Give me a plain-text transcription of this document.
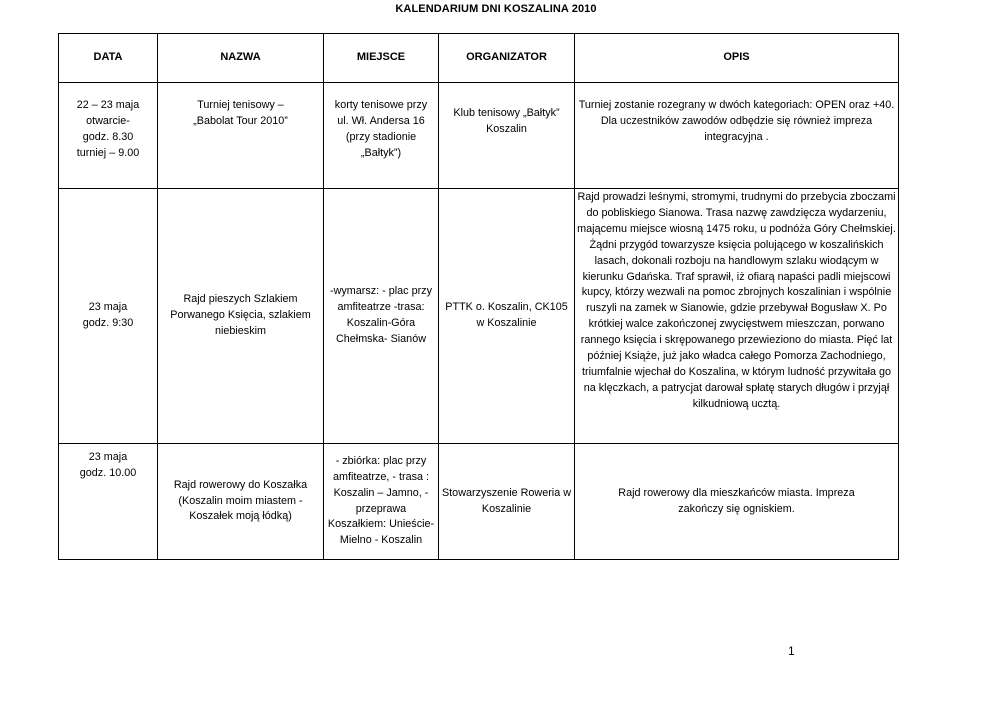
KALENDARIUM DNI KOSZALINA 2010
DATA	NAZWA	MIEJSCE	ORGANIZATOR	OPIS

22 – 23 maja otwarcie- godz. 8.30 turniej – 9.00	Turniej tenisowy – „Babolat Tour 2010”	korty tenisowe przy ul. Wł. Andersa 16 (przy stadionie „Bałtyk”)	Klub tenisowy „Bałtyk” Koszalin	Turniej zostanie rozegrany w dwóch kategoriach: OPEN oraz +40. Dla uczestników zawodów odbędzie się również impreza integracyjna .

23 maja godz. 9:30	Rajd pieszych Szlakiem Porwanego Księcia, szlakiem niebieskim	-wymarsz: - plac przy amfiteatrze -trasa: Koszalin-Góra Chełmska- Sianów	PTTK o. Koszalin, CK105 w Koszalinie	Rajd prowadzi leśnymi, stromymi, trudnymi do przebycia zboczami do pobliskiego Sianowa. Trasa nazwę zawdzięcza wydarzeniu, mającemu miejsce wiosną 1475 roku, u podnóża Góry Chełmskiej. Żądni przygód towarzysze księcia polującego w koszalińskich lasach, dokonali rozboju na handlowym szlaku wiodącym w kierunku Gdańska. Traf sprawił, iż ofiarą napaści padli miejscowi kupcy, którzy wezwali na pomoc zbrojnych koszalinian i wspólnie ruszyli na zamek w Sianowie, gdzie przebywał Bogusław X. Po krótkiej walce zakończonej zwycięstwem mieszczan, porwano rannego księcia i skrępowanego przewieziono do miasta. Pięć lat później Książe, już jako władca całego Pomorza Zachodniego, triumfalnie wjechał do Koszalina, w którym ludność przywitała go na klęczkach, a patrycjat darował spłatę starych długów i przyjął kilkudniową ucztą.

23 maja godz. 10.00	Rajd rowerowy do Koszałka (Koszalin moim miastem - Koszałek moją łódką)	- zbiórka: plac przy amfiteatrze, - trasa : Koszalin – Jamno, - przeprawa Koszałkiem: Unieście- Mielno - Koszalin	Stowarzyszenie Roweria w Koszalinie	Rajd rowerowy dla mieszkańców miasta. Impreza zakończy się ogniskiem.
1
